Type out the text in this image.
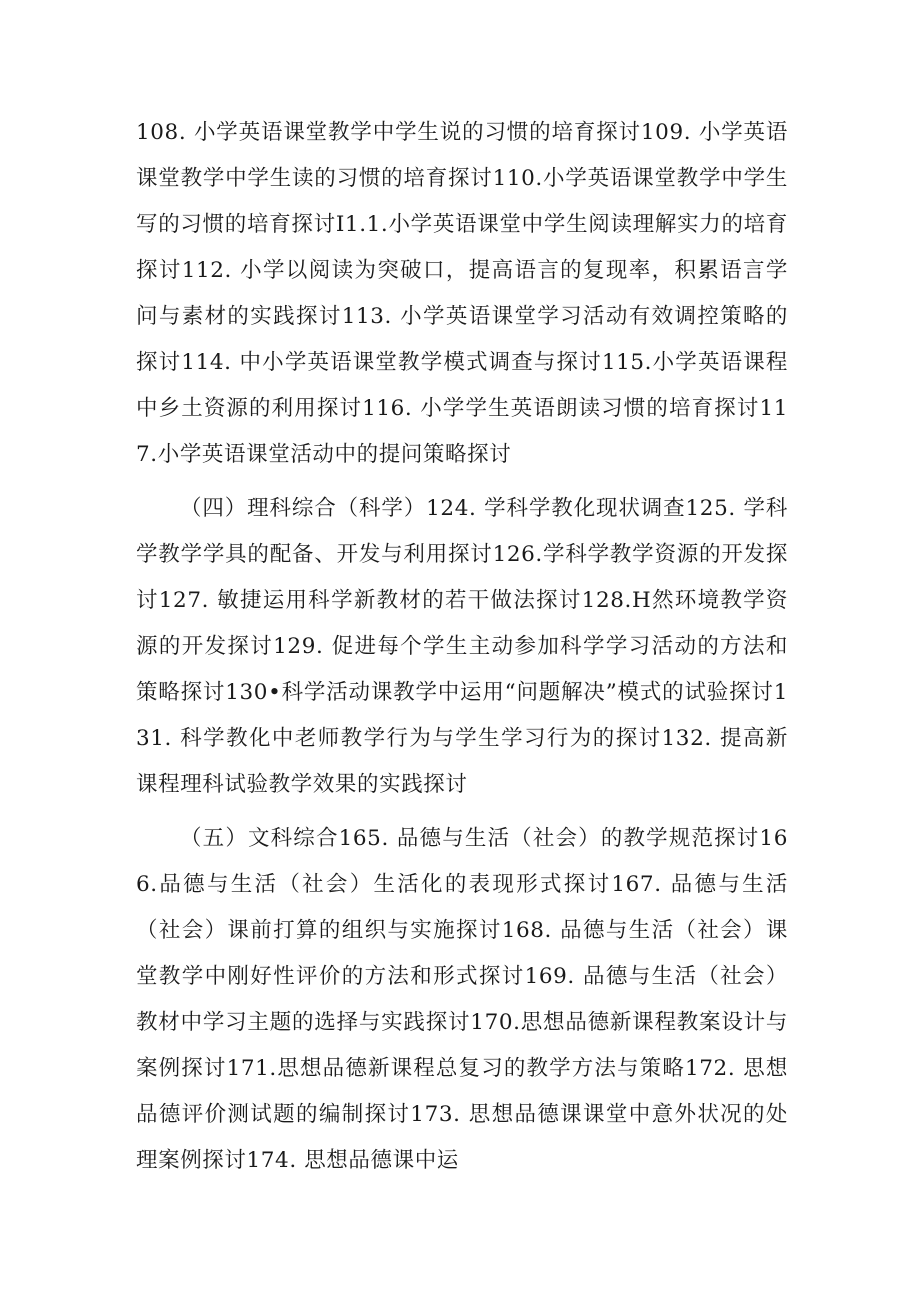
108. 小学英语课堂教学中学生说的习惯的培育探讨109. 小学英语课堂教学中学生读的习惯的培育探讨110.小学英语课堂教学中学生写的习惯的培育探讨I1.1.小学英语课堂中学生阅读理解实力的培育探讨112. 小学以阅读为突破口，提高语言的复现率，积累语言学问与素材的实践探讨113. 小学英语课堂学习活动有效调控策略的探讨114. 中小学英语课堂教学模式调查与探讨115.小学英语课程中乡土资源的利用探讨116. 小学学生英语朗读习惯的培育探讨117.小学英语课堂活动中的提问策略探讨

（四）理科综合（科学）124. 学科学教化现状调查125. 学科学教学学具的配备、开发与利用探讨126.学科学教学资源的开发探讨127. 敏捷运用科学新教材的若干做法探讨128.H然环境教学资源的开发探讨129. 促进每个学生主动参加科学学习活动的方法和策略探讨130•科学活动课教学中运用“问题解决”模式的试验探讨131. 科学教化中老师教学行为与学生学习行为的探讨132. 提高新课程理科试验教学效果的实践探讨

（五）文科综合165. 品德与生活（社会）的教学规范探讨166.品德与生活（社会）生活化的表现形式探讨167. 品德与生活（社会）课前打算的组织与实施探讨168. 品德与生活（社会）课堂教学中刚好性评价的方法和形式探讨169. 品德与生活（社会）教材中学习主题的选择与实践探讨170.思想品德新课程教案设计与案例探讨171.思想品德新课程总复习的教学方法与策略172. 思想品德评价测试题的编制探讨173. 思想品德课课堂中意外状况的处理案例探讨174. 思想品德课中运
